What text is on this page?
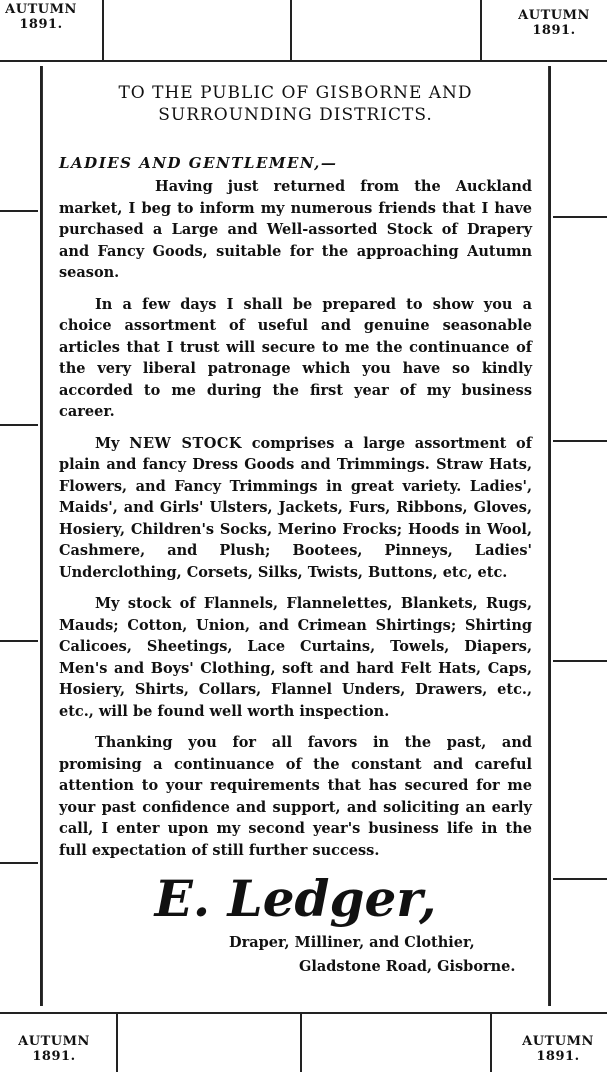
AUTUMN
1891.
AUTUMN
1891.
TO THE PUBLIC OF GISBORNE AND SURROUNDING DISTRICTS.
LADIES AND GENTLEMEN,—

Having just returned from the Auckland market, I beg to inform my numerous friends that I have purchased a Large and Well-assorted Stock of Drapery and Fancy Goods, suitable for the approaching Autumn season.

In a few days I shall be prepared to show you a choice assortment of useful and genuine seasonable articles that I trust will secure to me the continuance of the very liberal patronage which you have so kindly accorded to me during the first year of my business career.

My NEW STOCK comprises a large assortment of plain and fancy Dress Goods and Trimmings. Straw Hats, Flowers, and Fancy Trimmings in great variety. Ladies', Maids', and Girls' Ulsters, Jackets, Furs, Ribbons, Gloves, Hosiery, Children's Socks, Merino Frocks; Hoods in Wool, Cashmere, and Plush; Bootees, Pinneys, Ladies' Underclothing, Corsets, Silks, Twists, Buttons, etc, etc.

My stock of Flannels, Flannelettes, Blankets, Rugs, Mauds; Cotton, Union, and Crimean Shirtings; Shirting Calicoes, Sheetings, Lace Curtains, Towels, Diapers, Men's and Boys' Clothing, soft and hard Felt Hats, Caps, Hosiery, Shirts, Collars, Flannel Unders, Drawers, etc., etc., will be found well worth inspection.

Thanking you for all favors in the past, and promising a continuance of the constant and careful attention to your requirements that has secured for me your past confidence and support, and soliciting an early call, I enter upon my second year's business life in the full expectation of still further success.

E. Ledger,
Draper, Milliner, and Clothier,
Gladstone Road, Gisborne.
AUTUMN
1891.
AUTUMN
1891.
